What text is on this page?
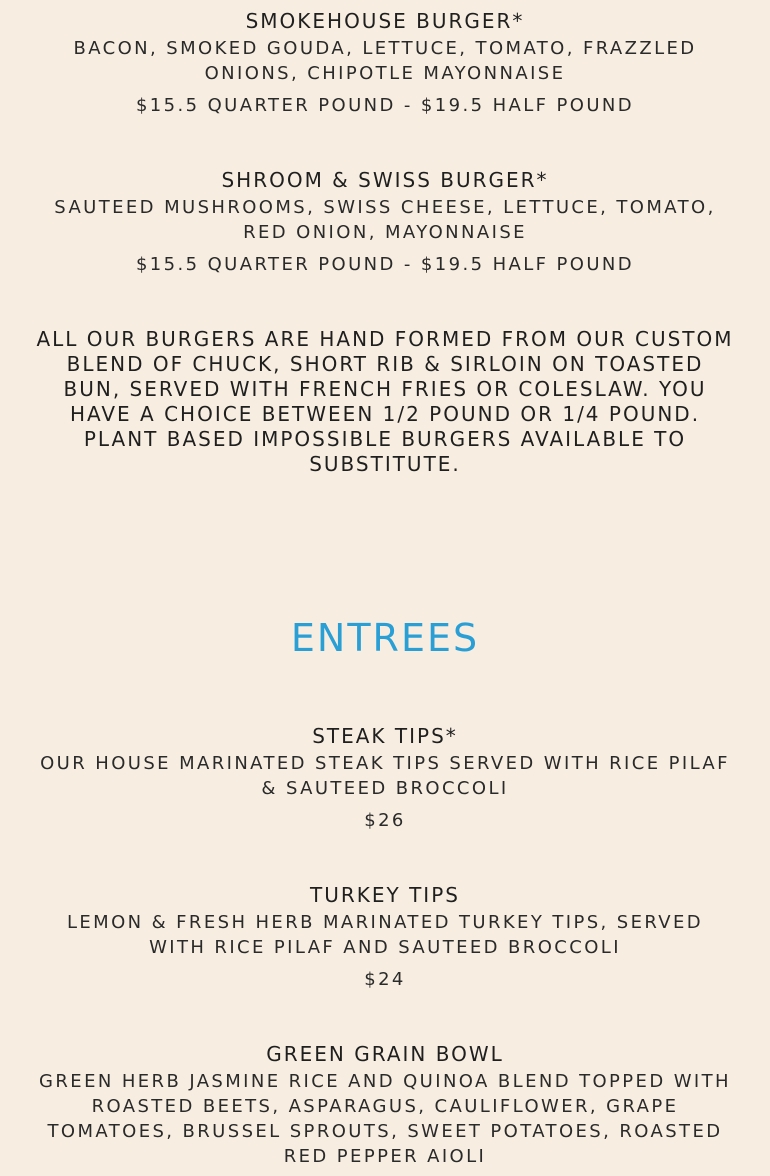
SMOKEHOUSE BURGER*
BACON, SMOKED GOUDA, LETTUCE, TOMATO, FRAZZLED ONIONS, CHIPOTLE MAYONNAISE
$15.5 QUARTER POUND - $19.5 HALF POUND
SHROOM & SWISS BURGER*
SAUTEED MUSHROOMS, SWISS CHEESE, LETTUCE, TOMATO, RED ONION, MAYONNAISE
$15.5 QUARTER POUND - $19.5 HALF POUND

ALL OUR BURGERS ARE HAND FORMED FROM OUR CUSTOM BLEND OF CHUCK, SHORT RIB & SIRLOIN ON TOASTED BUN, SERVED WITH FRENCH FRIES OR COLESLAW. YOU HAVE A CHOICE BETWEEN 1/2 POUND OR 1/4 POUND. PLANT BASED IMPOSSIBLE BURGERS AVAILABLE TO SUBSTITUTE.

ENTREES
STEAK TIPS*
OUR HOUSE MARINATED STEAK TIPS SERVED WITH RICE PILAF & SAUTEED BROCCOLI
$26
TURKEY TIPS
LEMON & FRESH HERB MARINATED TURKEY TIPS, SERVED WITH RICE PILAF AND SAUTEED BROCCOLI
$24
GREEN GRAIN BOWL
GREEN HERB JASMINE RICE AND QUINOA BLEND TOPPED WITH ROASTED BEETS, ASPARAGUS, CAULIFLOWER, GRAPE TOMATOES, BRUSSEL SPROUTS, SWEET POTATOES, ROASTED RED PEPPER AIOLI
